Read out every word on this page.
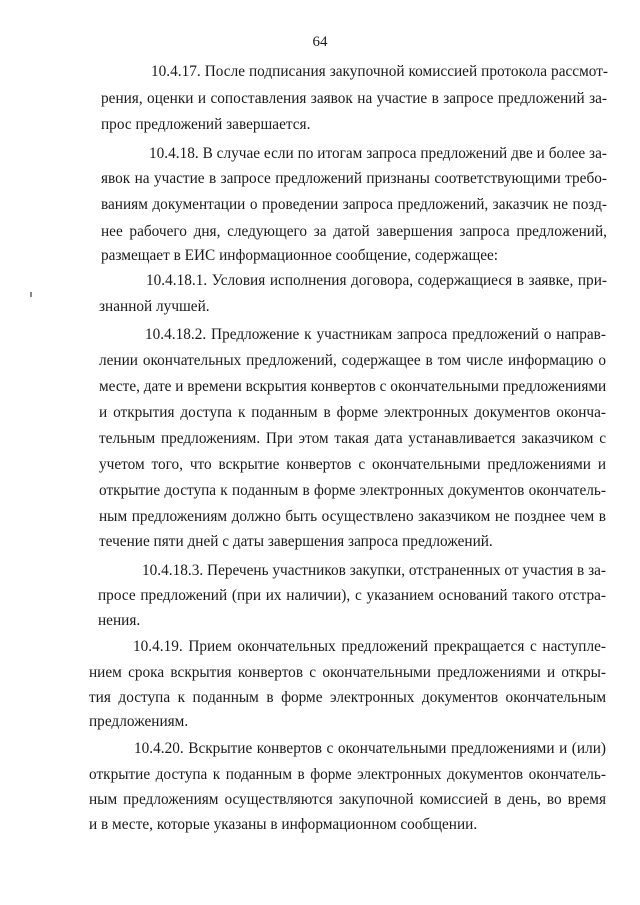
64
10.4.17. После подписания закупочной комиссией протокола рассмот-
рения, оценки и сопоставления заявок на участие в запросе предложений за-
прос предложений завершается.
10.4.18. В случае если по итогам запроса предложений две и более за-
явок на участие в запросе предложений признаны соответствующими требо-
ваниям документации о проведении запроса предложений, заказчик не позд-
нее рабочего дня, следующего за датой завершения запроса предложений,
размещает в ЕИС информационное сообщение, содержащее:
10.4.18.1. Условия исполнения договора, содержащиеся в заявке, при-
знанной лучшей.
10.4.18.2. Предложение к участникам запроса предложений о направ-
лении окончательных предложений, содержащее в том числе информацию о
месте, дате и времени вскрытия конвертов с окончательными предложениями
и открытия доступа к поданным в форме электронных документов оконча-
тельным предложениям. При этом такая дата устанавливается заказчиком с
учетом того, что вскрытие конвертов с окончательными предложениями и
открытие доступа к поданным в форме электронных документов окончатель-
ным предложениям должно быть осуществлено заказчиком не позднее чем в
течение пяти дней с даты завершения запроса предложений.
10.4.18.3. Перечень участников закупки, отстраненных от участия в за-
просе предложений (при их наличии), с указанием оснований такого отстра-
нения.
10.4.19. Прием окончательных предложений прекращается с наступле-
нием срока вскрытия конвертов с окончательными предложениями и откры-
тия доступа к поданным в форме электронных документов окончательным
предложениям.
10.4.20. Вскрытие конвертов с окончательными предложениями и (или)
открытие доступа к поданным в форме электронных документов окончатель-
ным предложениям осуществляются закупочной комиссией в день, во время
и в месте, которые указаны в информационном сообщении.
